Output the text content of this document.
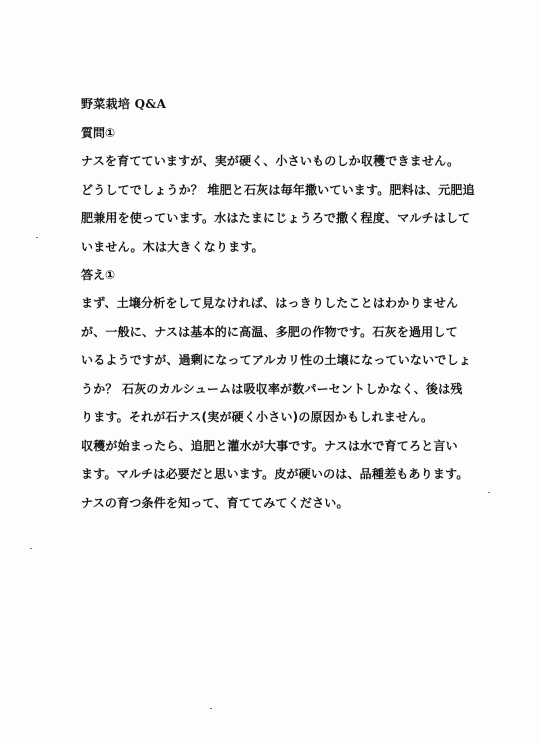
野菜栽培 Q&A
質問①
ナスを育てていますが、実が硬く、小さいものしか収穫できません。
どうしてでしょうか？ 堆肥と石灰は毎年撒いています。肥料は、元肥追
肥兼用を使っています。水はたまにじょうろで撒く程度、マルチはして
いません。木は大きくなります。
答え①
まず、土壌分析をして見なければ、はっきりしたことはわかりません
が、一般に、ナスは基本的に高温、多肥の作物です。石灰を過用して
いるようですが、過剰になってアルカリ性の土壌になっていないでしょ
うか？ 石灰のカルシュームは吸収率が数パーセントしかなく、後は残
ります。それが石ナス(実が硬く小さい)の原因かもしれません。
収穫が始まったら、追肥と灌水が大事です。ナスは水で育てろと言い
ます。マルチは必要だと思います。皮が硬いのは、品種差もあります。
ナスの育つ条件を知って、育ててみてください。
